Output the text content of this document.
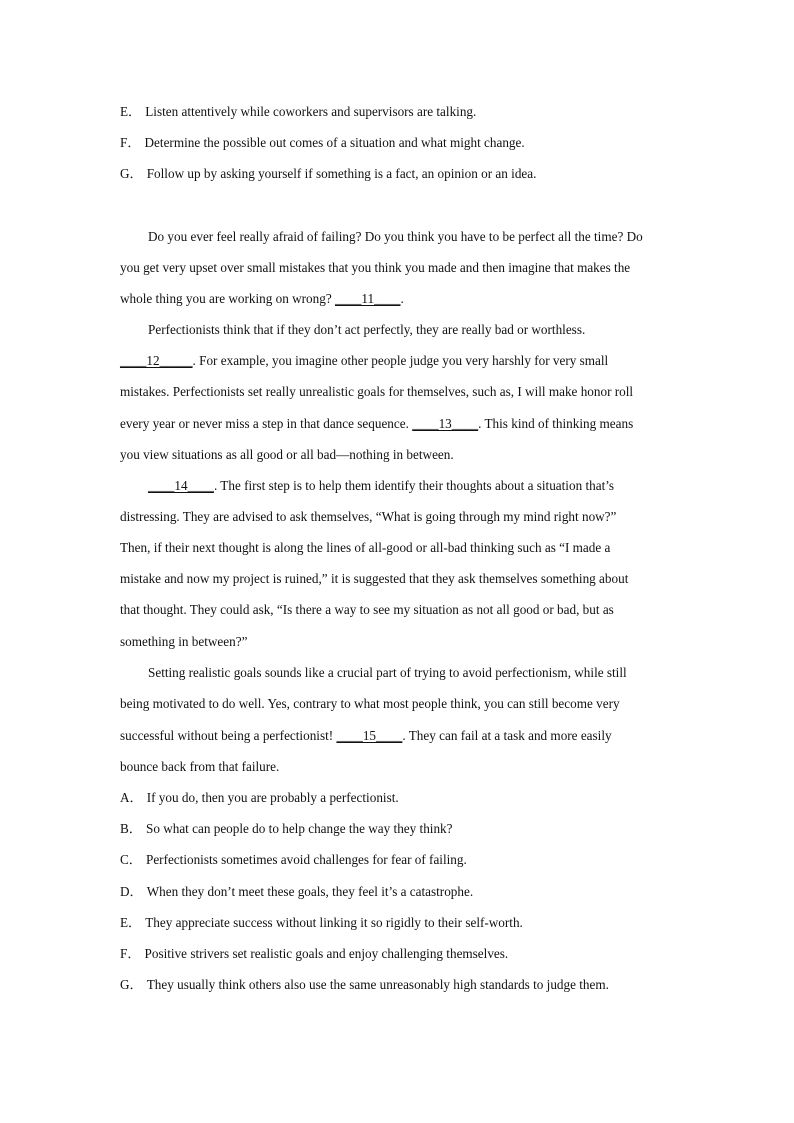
E． Listen attentively while coworkers and supervisors are talking.
F． Determine the possible out comes of a situation and what might change.
G． Follow up by asking yourself if something is a fact, an opinion or an idea.
Do you ever feel really afraid of failing? Do you think you have to be perfect all the time? Do
you get very upset over small mistakes that you think you made and then imagine that makes the
whole thing you are working on wrong? ____11____.
Perfectionists think that if they don’t act perfectly, they are really bad or worthless.
____12_____. For example, you imagine other people judge you very harshly for very small
mistakes. Perfectionists set really unrealistic goals for themselves, such as, I will make honor roll
every year or never miss a step in that dance sequence. ____13____. This kind of thinking means
you view situations as all good or all bad—nothing in between.
____14____. The first step is to help them identify their thoughts about a situation that’s
distressing. They are advised to ask themselves, “What is going through my mind right now?”
Then, if their next thought is along the lines of all-good or all-bad thinking such as “I made a
mistake and now my project is ruined,” it is suggested that they ask themselves something about
that thought. They could ask, “Is there a way to see my situation as not all good or bad, but as
something in between?”
Setting realistic goals sounds like a crucial part of trying to avoid perfectionism, while still
being motivated to do well. Yes, contrary to what most people think, you can still become very
successful without being a perfectionist! ____15____. They can fail at a task and more easily
bounce back from that failure.
A． If you do, then you are probably a perfectionist.
B． So what can people do to help change the way they think?
C． Perfectionists sometimes avoid challenges for fear of failing.
D． When they don’t meet these goals, they feel it’s a catastrophe.
E． They appreciate success without linking it so rigidly to their self-worth.
F． Positive strivers set realistic goals and enjoy challenging themselves.
G． They usually think others also use the same unreasonably high standards to judge them.
